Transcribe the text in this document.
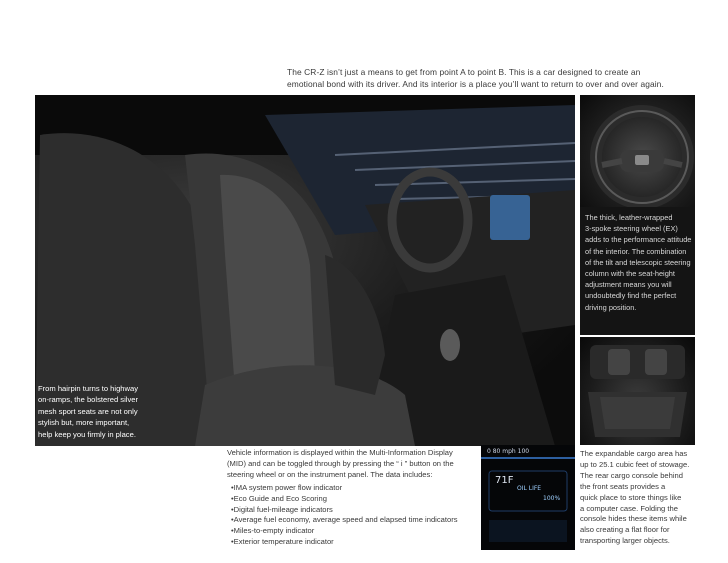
The CR-Z isn’t just a means to get from point A to point B. This is a car designed to create an
emotional bond with its driver. And its interior is a place you’ll want to return to over and over again.
From hairpin turns to highway
on-ramps, the bolstered silver
mesh sport seats are not only
stylish but, more important,
help keep you firmly in place.
The thick, leather-wrapped
3-spoke steering wheel (EX)
adds to the performance attitude
of the interior. The combination
of the tilt and telescopic steering
column with the seat-height
adjustment means you will
undoubtedly find the perfect
driving position.
Vehicle information is displayed within the Multi-Information Display
(MID) and can be toggled through by pressing the “ i ” button on the
steering wheel or on the instrument panel. The data includes:
• IMA system power flow indicator
• Eco Guide and Eco Scoring
• Digital fuel-mileage indicators
• Average fuel economy, average speed and elapsed time indicators
• Miles-to-empty indicator
• Exterior temperature indicator
0 80 mph 100
71F
OIL LIFE
100%
The expandable cargo area has
up to 25.1 cubic feet of stowage.
The rear cargo console behind
the front seats provides a
quick place to store things like
a computer case. Folding the
console hides these items while
also creating a flat floor for
transporting larger objects.
